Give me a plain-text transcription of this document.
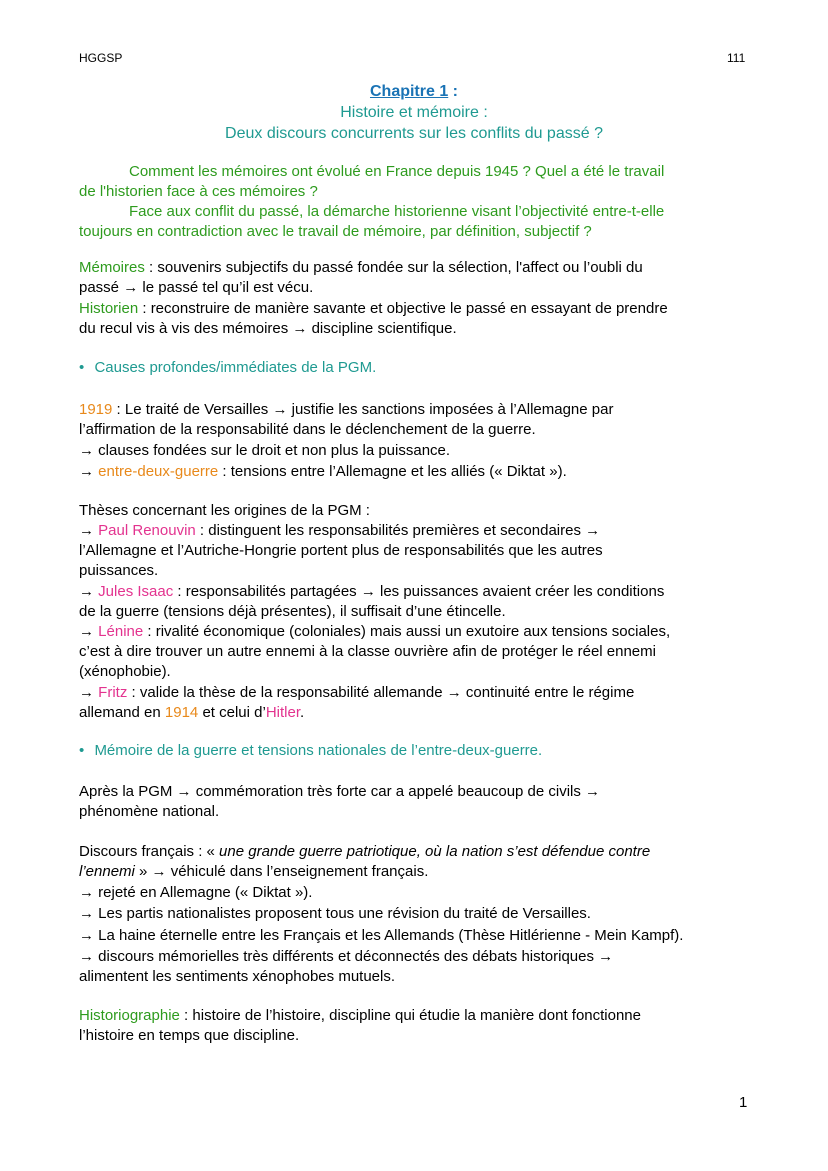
HGGSP	111
Chapitre 1 :
Histoire et mémoire :
Deux discours concurrents sur les conflits du passé ?
Comment les mémoires ont évolué en France depuis 1945 ? Quel a été le travail
de l'historien face à ces mémoires ?
Face aux conflit du passé, la démarche historienne visant l’objectivité entre-t-elle
toujours en contradiction avec le travail de mémoire, par définition, subjectif ?
Mémoires : souvenirs subjectifs du passé fondée sur la sélection, l'affect ou l’oubli du
passé → le passé tel qu’il est vécu.
Historien : reconstruire de manière savante et objective le passé en essayant de prendre
du recul vis à vis des mémoires → discipline scientifique.
• Causes profondes/immédiates de la PGM.
1919 : Le traité de Versailles → justifie les sanctions imposées à l’Allemagne par
l’affirmation de la responsabilité dans le déclenchement de la guerre.
→ clauses fondées sur le droit et non plus la puissance.
→ entre-deux-guerre : tensions entre l’Allemagne et les alliés (« Diktat »).
Thèses concernant les origines de la PGM :
→ Paul Renouvin : distinguent les responsabilités premières et secondaires →
l’Allemagne et l’Autriche-Hongrie portent plus de responsabilités que les autres
puissances.
→ Jules Isaac : responsabilités partagées → les puissances avaient créer les conditions
de la guerre (tensions déjà présentes), il suffisait d’une étincelle.
→ Lénine : rivalité économique (coloniales) mais aussi un exutoire aux tensions sociales,
c’est à dire trouver un autre ennemi à la classe ouvrière afin de protéger le réel ennemi
(xénophobie).
→ Fritz : valide la thèse de la responsabilité allemande → continuité entre le régime
allemand en 1914 et celui d’Hitler.
• Mémoire de la guerre et tensions nationales de l’entre-deux-guerre.
Après la PGM → commémoration très forte car a appelé beaucoup de civils →
phénomène national.
Discours français : « une grande guerre patriotique, où la nation s’est défendue contre
l’ennemi » → véhiculé dans l’enseignement français.
→ rejeté en Allemagne (« Diktat »).
→ Les partis nationalistes proposent tous une révision du traité de Versailles.
→ La haine éternelle entre les Français et les Allemands (Thèse Hitlérienne - Mein Kampf).
→ discours mémorielles très différents et déconnectés des débats historiques →
alimentent les sentiments xénophobes mutuels.
Historiographie : histoire de l’histoire, discipline qui étudie la manière dont fonctionne
l’histoire en temps que discipline.
1
